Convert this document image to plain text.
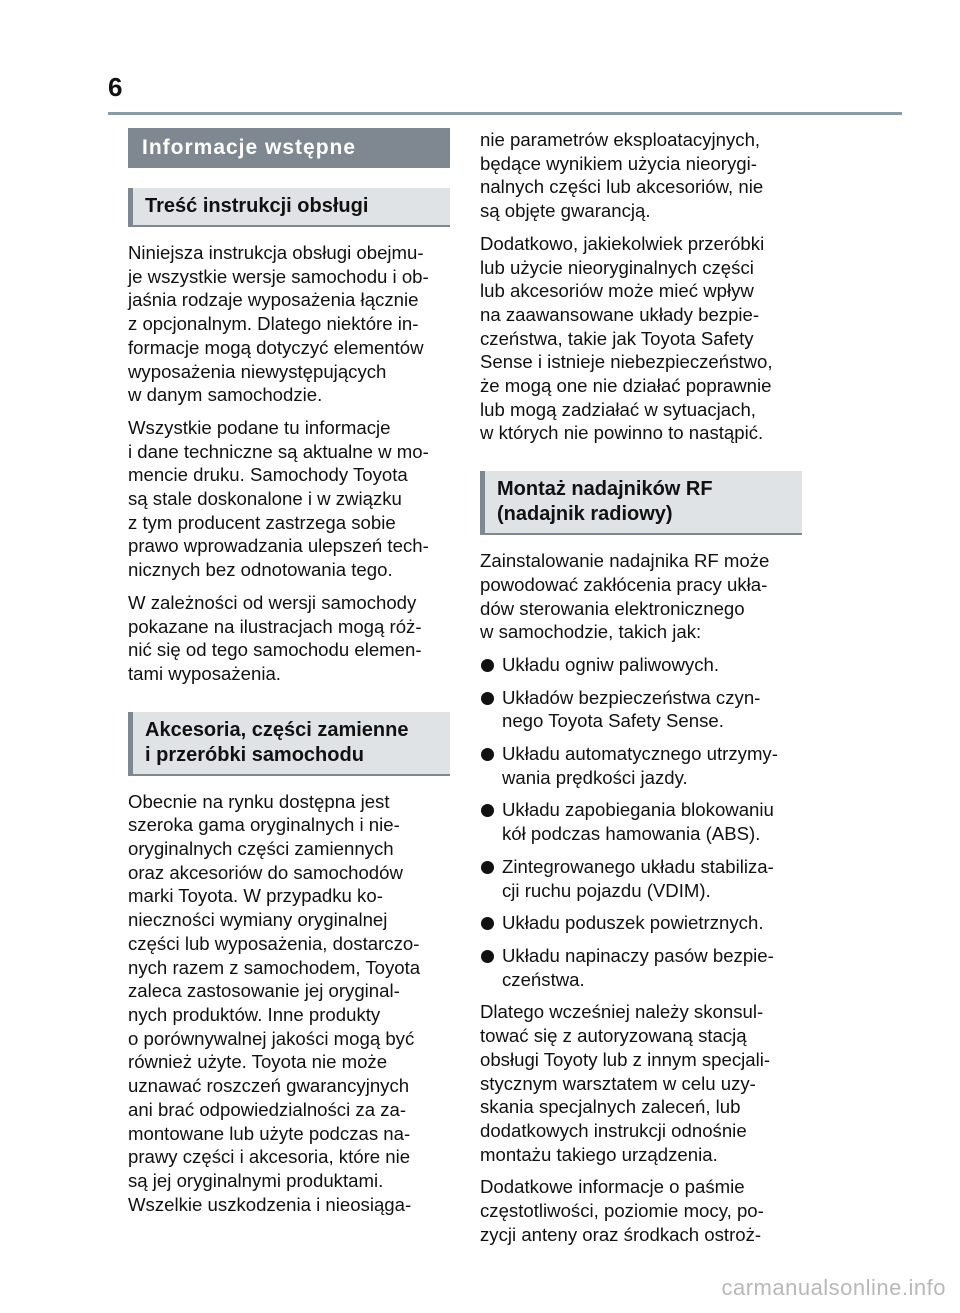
6
Informacje wstępne
Treść instrukcji obsługi

Niniejsza instrukcja obsługi obejmu-
je wszystkie wersje samochodu i ob-
jaśnia rodzaje wyposażenia łącznie
z opcjonalnym. Dlatego niektóre in-
formacje mogą dotyczyć elementów
wyposażenia niewystępujących
w danym samochodzie.

Wszystkie podane tu informacje
i dane techniczne są aktualne w mo-
mencie druku. Samochody Toyota
są stale doskonalone i w związku
z tym producent zastrzega sobie
prawo wprowadzania ulepszeń tech-
nicznych bez odnotowania tego.

W zależności od wersji samochody
pokazane na ilustracjach mogą róż-
nić się od tego samochodu elemen-
tami wyposażenia.

Akcesoria, części zamienne
i przeróbki samochodu

Obecnie na rynku dostępna jest
szeroka gama oryginalnych i nie-
oryginalnych części zamiennych
oraz akcesoriów do samochodów
marki Toyota. W przypadku ko-
nieczności wymiany oryginalnej
części lub wyposażenia, dostarczo-
nych razem z samochodem, Toyota
zaleca zastosowanie jej oryginal-
nych produktów. Inne produkty
o porównywalnej jakości mogą być
również użyte. Toyota nie może
uznawać roszczeń gwarancyjnych
ani brać odpowiedzialności za za-
montowane lub użyte podczas na-
prawy części i akcesoria, które nie
są jej oryginalnymi produktami.
Wszelkie uszkodzenia i nieosiąga-

nie parametrów eksploatacyjnych,
będące wynikiem użycia nieorygi-
nalnych części lub akcesoriów, nie
są objęte gwarancją.

Dodatkowo, jakiekolwiek przeróbki
lub użycie nieoryginalnych części
lub akcesoriów może mieć wpływ
na zaawansowane układy bezpie-
czeństwa, takie jak Toyota Safety
Sense i istnieje niebezpieczeństwo,
że mogą one nie działać poprawnie
lub mogą zadziałać w sytuacjach,
w których nie powinno to nastąpić.

Montaż nadajników RF
(nadajnik radiowy)

Zainstalowanie nadajnika RF może
powodować zakłócenia pracy ukła-
dów sterowania elektronicznego
w samochodzie, takich jak:

Układu ogniw paliwowych.
Układów bezpieczeństwa czyn-
nego Toyota Safety Sense.
Układu automatycznego utrzymy-
wania prędkości jazdy.
Układu zapobiegania blokowaniu
kół podczas hamowania (ABS).
Zintegrowanego układu stabiliza-
cji ruchu pojazdu (VDIM).
Układu poduszek powietrznych.
Układu napinaczy pasów bezpie-
czeństwa.

Dlatego wcześniej należy skonsul-
tować się z autoryzowaną stacją
obsługi Toyoty lub z innym specjali-
stycznym warsztatem w celu uzy-
skania specjalnych zaleceń, lub
dodatkowych instrukcji odnośnie
montażu takiego urządzenia.

Dodatkowe informacje o paśmie
częstotliwości, poziomie mocy, po-
zycji anteny oraz środkach ostroż-

carmanualsonline.info
